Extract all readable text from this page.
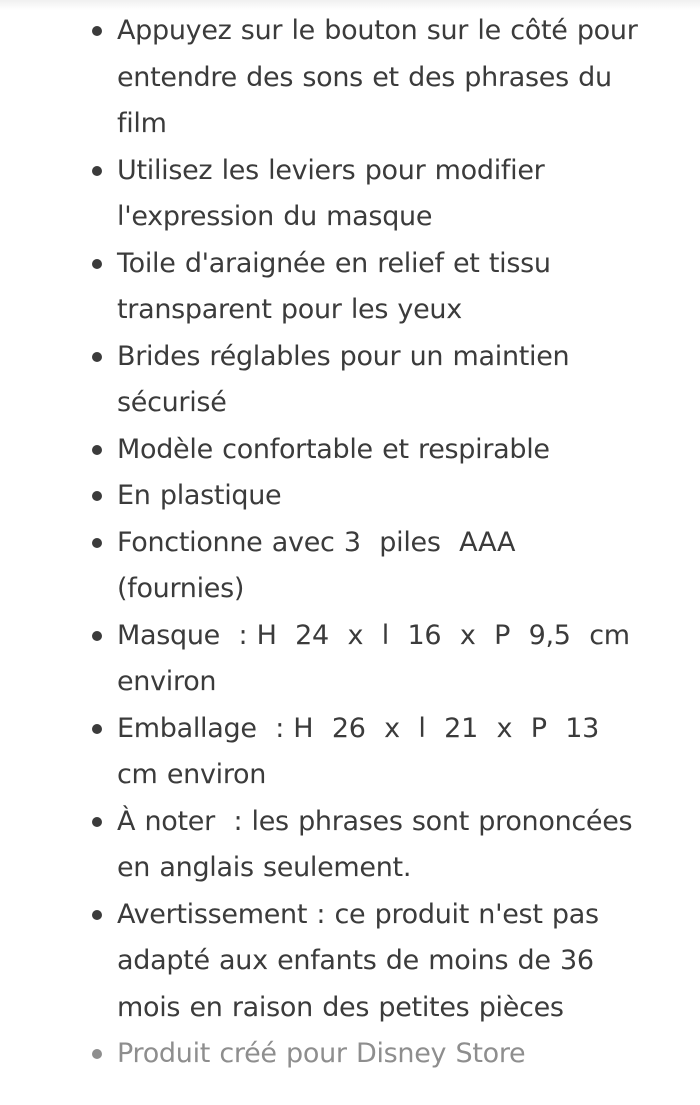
Appuyez sur le bouton sur le côté pour entendre des sons et des phrases du film
Utilisez les leviers pour modifier l'expression du masque
Toile d'araignée en relief et tissu transparent pour les yeux
Brides réglables pour un maintien sécurisé
Modèle confortable et respirable
En plastique
Fonctionne avec 3  piles  AAA (fournies)
Masque  : H  24  x  l  16  x  P  9,5  cm environ
Emballage  : H  26  x  l  21  x  P  13  cm environ
À noter  : les phrases sont prononcées en anglais seulement.
Avertissement : ce produit n'est pas adapté aux enfants de moins de 36 mois en raison des petites pièces
Produit créé pour Disney Store
